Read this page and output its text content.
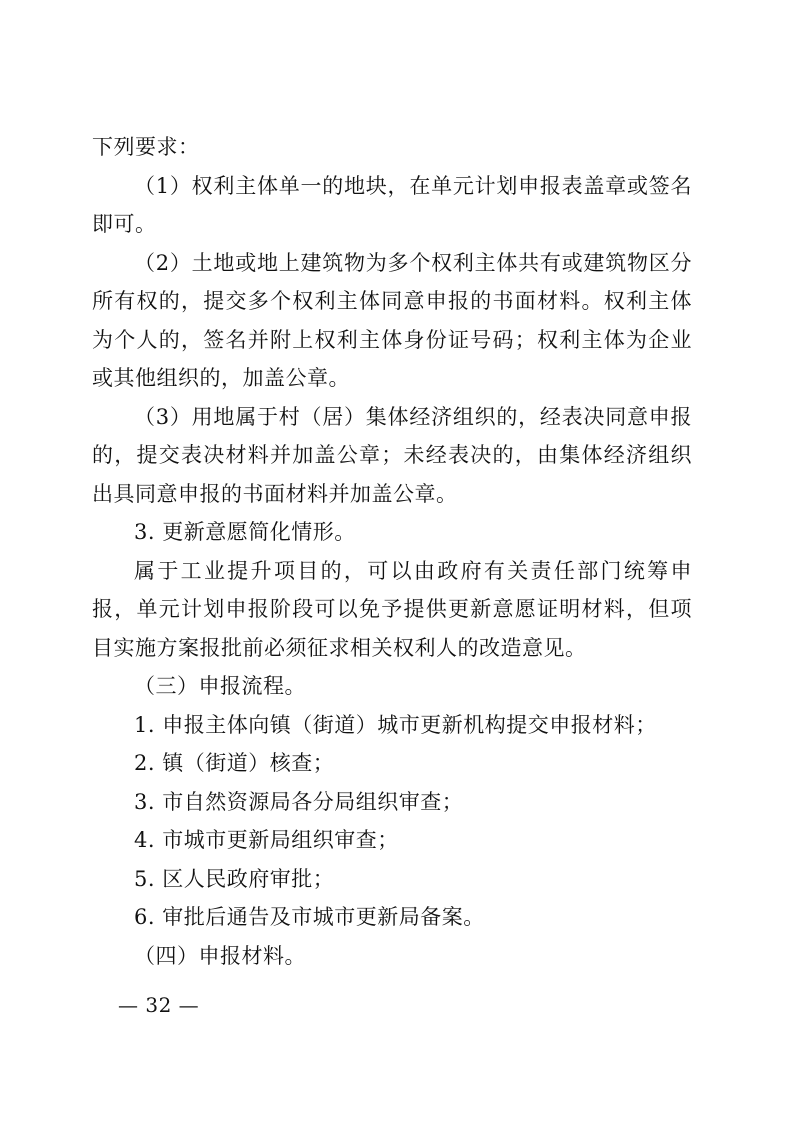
下列要求：

（1）权利主体单一的地块，在单元计划申报表盖章或签名即可。

（2）土地或地上建筑物为多个权利主体共有或建筑物区分所有权的，提交多个权利主体同意申报的书面材料。权利主体为个人的，签名并附上权利主体身份证号码；权利主体为企业或其他组织的，加盖公章。

（3）用地属于村（居）集体经济组织的，经表决同意申报的，提交表决材料并加盖公章；未经表决的，由集体经济组织出具同意申报的书面材料并加盖公章。

3. 更新意愿简化情形。

属于工业提升项目的，可以由政府有关责任部门统筹申报，单元计划申报阶段可以免予提供更新意愿证明材料，但项目实施方案报批前必须征求相关权利人的改造意见。

（三）申报流程。

1. 申报主体向镇（街道）城市更新机构提交申报材料；

2. 镇（街道）核查；

3. 市自然资源局各分局组织审查；

4. 市城市更新局组织审查；

5. 区人民政府审批；

6. 审批后通告及市城市更新局备案。

（四）申报材料。

— 32 —
